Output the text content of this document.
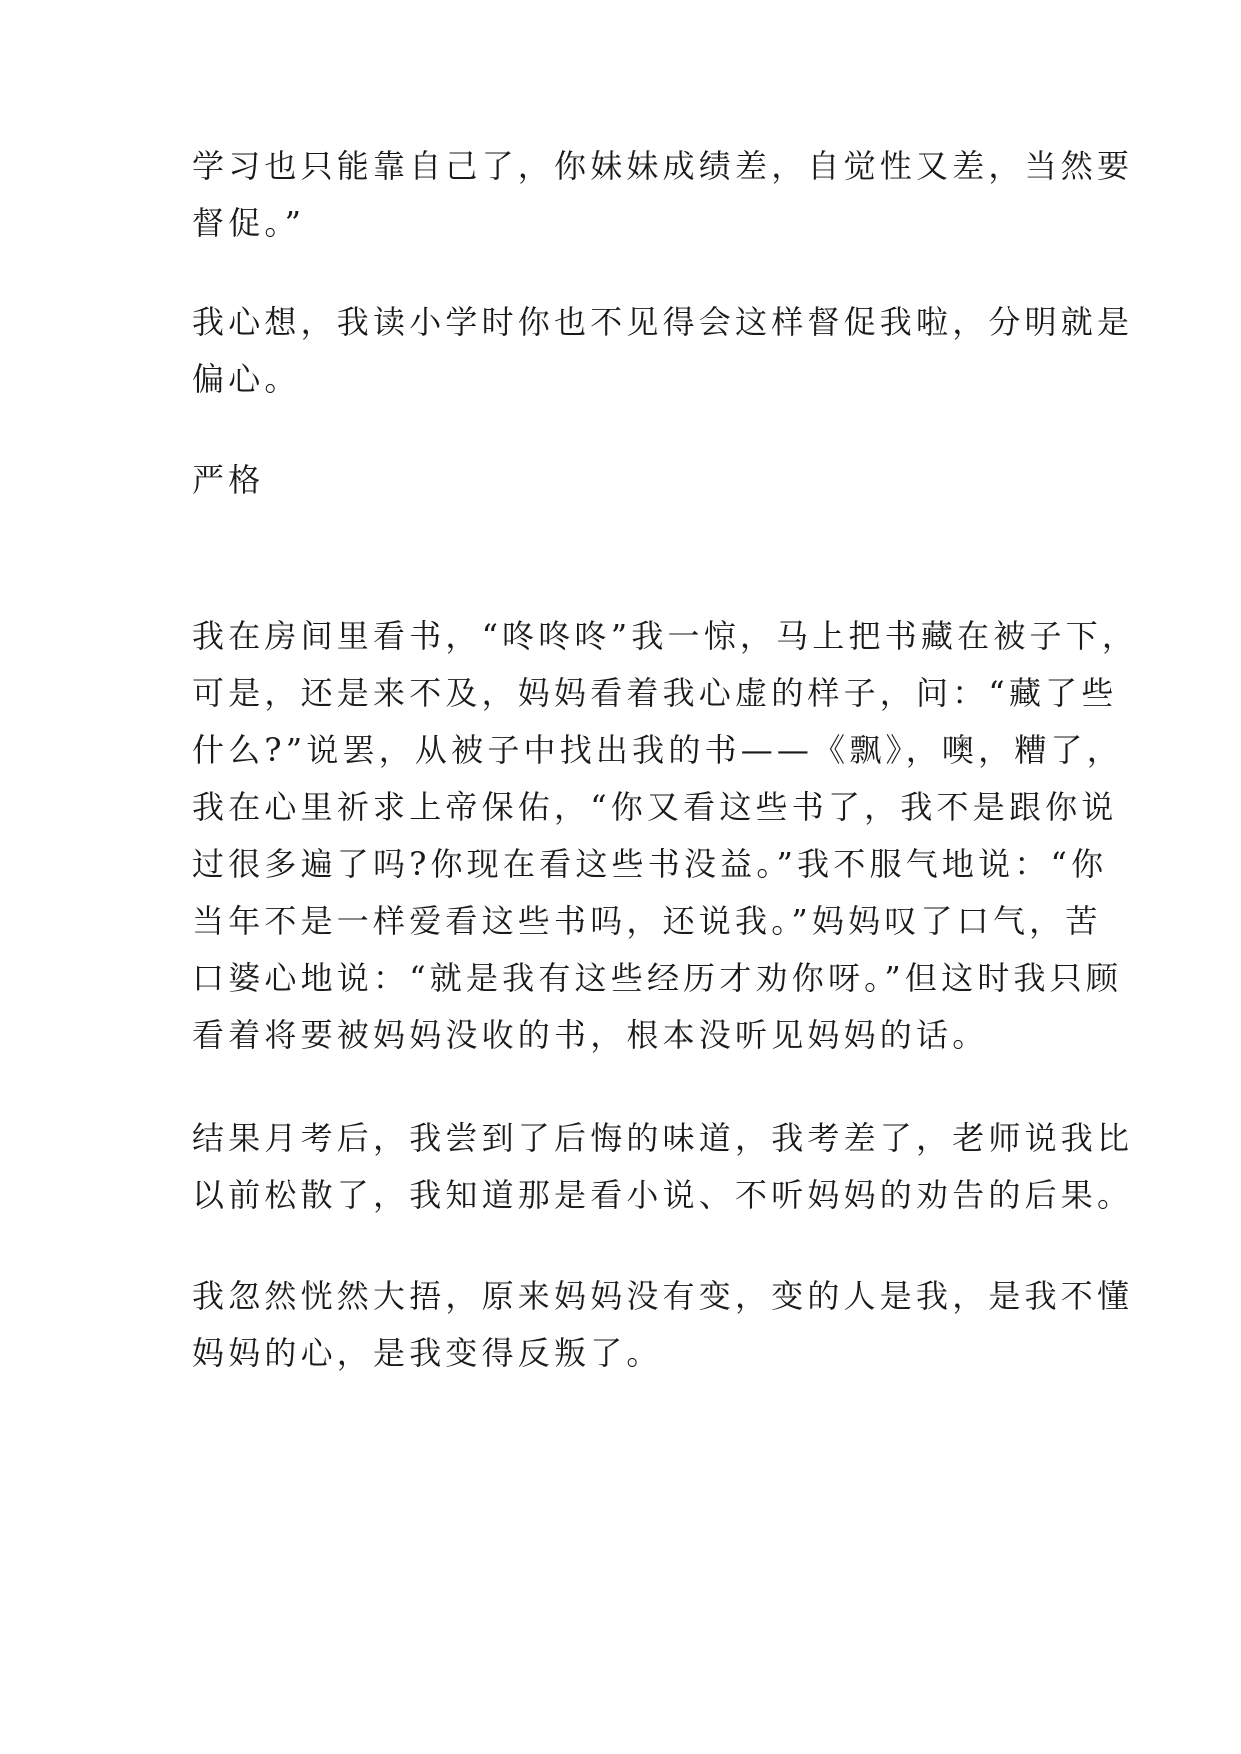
学习也只能靠自己了，你妹妹成绩差，自觉性又差，当然要
督促。”

我心想，我读小学时你也不见得会这样督促我啦，分明就是
偏心。

严格

我在房间里看书，“咚咚咚”我一惊，马上把书藏在被子下，
可是，还是来不及，妈妈看着我心虚的样子，问：“藏了些
什么?”说罢，从被子中找出我的书——《飘》，噢，糟了，
我在心里祈求上帝保佑，“你又看这些书了，我不是跟你说
过很多遍了吗?你现在看这些书没益。”我不服气地说：“你
当年不是一样爱看这些书吗，还说我。”妈妈叹了口气，苦
口婆心地说：“就是我有这些经历才劝你呀。”但这时我只顾
看着将要被妈妈没收的书，根本没听见妈妈的话。

结果月考后，我尝到了后悔的味道，我考差了，老师说我比
以前松散了，我知道那是看小说、不听妈妈的劝告的后果。

我忽然恍然大捂，原来妈妈没有变，变的人是我，是我不懂
妈妈的心，是我变得反叛了。
